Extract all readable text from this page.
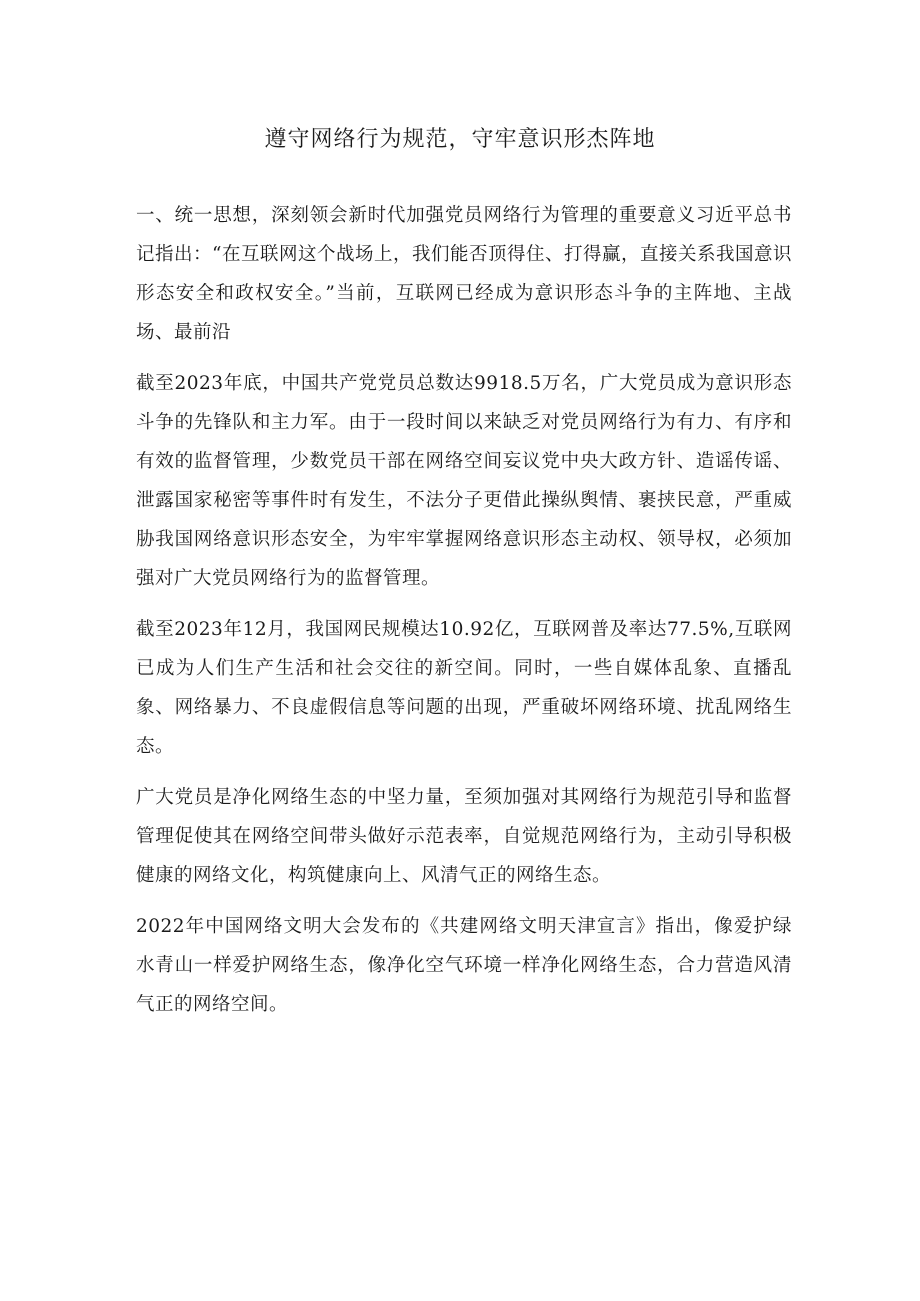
遵守网络行为规范，守牢意识形杰阵地

一、统一思想，深刻领会新时代加强党员网络行为管理的重要意义习近平总书记指出：“在互联网这个战场上，我们能否顶得住、打得赢，直接关系我国意识形态安全和政权安全。”当前，互联网已经成为意识形态斗争的主阵地、主战场、最前沿

截至2023年底，中国共产党党员总数达9918.5万名，广大党员成为意识形态斗争的先锋队和主力军。由于一段时间以来缺乏对党员网络行为有力、有序和有效的监督管理，少数党员干部在网络空间妄议党中央大政方针、造谣传谣、泄露国家秘密等事件时有发生，不法分子更借此操纵舆情、裹挟民意，严重威胁我国网络意识形态安全，为牢牢掌握网络意识形态主动权、领导权，必须加强对广大党员网络行为的监督管理。

截至2023年12月，我国网民规模达10.92亿，互联网普及率达77.5%,互联网已成为人们生产生活和社会交往的新空间。同时，一些自媒体乱象、直播乱象、网络暴力、不良虚假信息等问题的出现，严重破坏网络环境、扰乱网络生态。

广大党员是净化网络生态的中坚力量，至须加强对其网络行为规范引导和监督管理促使其在网络空间带头做好示范表率，自觉规范网络行为，主动引导积极健康的网络文化，构筑健康向上、风清气正的网络生态。

2022年中国网络文明大会发布的《共建网络文明天津宣言》指出，像爱护绿水青山一样爱护网络生态，像净化空气环境一样净化网络生态，合力营造风清气正的网络空间。
